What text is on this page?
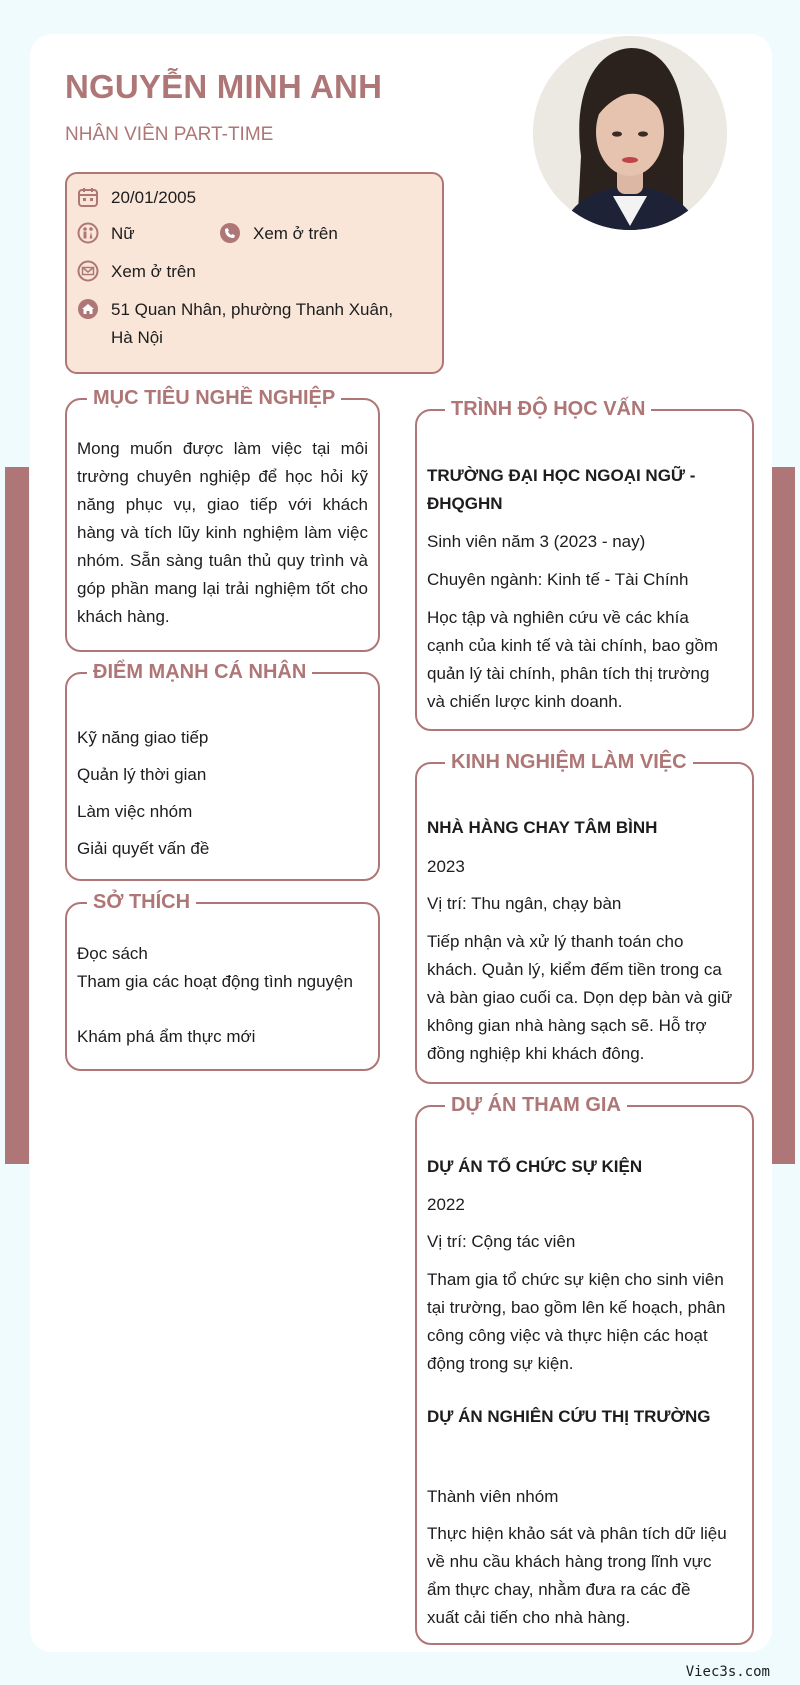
NGUYỄN MINH ANH
NHÂN VIÊN PART-TIME
20/01/2005
Nữ	Xem ở trên
Xem ở trên
51 Quan Nhân, phường Thanh Xuân,
Hà Nội
MỤC TIÊU NGHỀ NGHIỆP
Mong muốn được làm việc tại môi trường chuyên nghiệp để học hỏi kỹ năng phục vụ, giao tiếp với khách hàng và tích lũy kinh nghiệm làm việc nhóm. Sẵn sàng tuân thủ quy trình và góp phần mang lại trải nghiệm tốt cho khách hàng.
ĐIỂM MẠNH CÁ NHÂN
Kỹ năng giao tiếp
Quản lý thời gian
Làm việc nhóm
Giải quyết vấn đề
SỞ THÍCH
Đọc sách
Tham gia các hoạt động tình nguyện
Khám phá ẩm thực mới
TRÌNH ĐỘ HỌC VẤN
TRƯỜNG ĐẠI HỌC NGOẠI NGỮ - ĐHQGHN
Sinh viên năm 3 (2023 - nay)
Chuyên ngành: Kinh tế - Tài Chính
Học tập và nghiên cứu về các khía cạnh của kinh tế và tài chính, bao gồm quản lý tài chính, phân tích thị trường và chiến lược kinh doanh.
KINH NGHIỆM LÀM VIỆC
NHÀ HÀNG CHAY TÂM BÌNH
2023
Vị trí: Thu ngân, chạy bàn
Tiếp nhận và xử lý thanh toán cho khách. Quản lý, kiểm đếm tiền trong ca và bàn giao cuối ca. Dọn dẹp bàn và giữ không gian nhà hàng sạch sẽ. Hỗ trợ đồng nghiệp khi khách đông.
DỰ ÁN THAM GIA
DỰ ÁN TỔ CHỨC SỰ KIỆN
2022
Vị trí: Cộng tác viên
Tham gia tổ chức sự kiện cho sinh viên tại trường, bao gồm lên kế hoạch, phân công công việc và thực hiện các hoạt động trong sự kiện.
DỰ ÁN NGHIÊN CỨU THỊ TRƯỜNG
Thành viên nhóm
Thực hiện khảo sát và phân tích dữ liệu về nhu cầu khách hàng trong lĩnh vực ẩm thực chay, nhằm đưa ra các đề xuất cải tiến cho nhà hàng.
Viec3s.com
